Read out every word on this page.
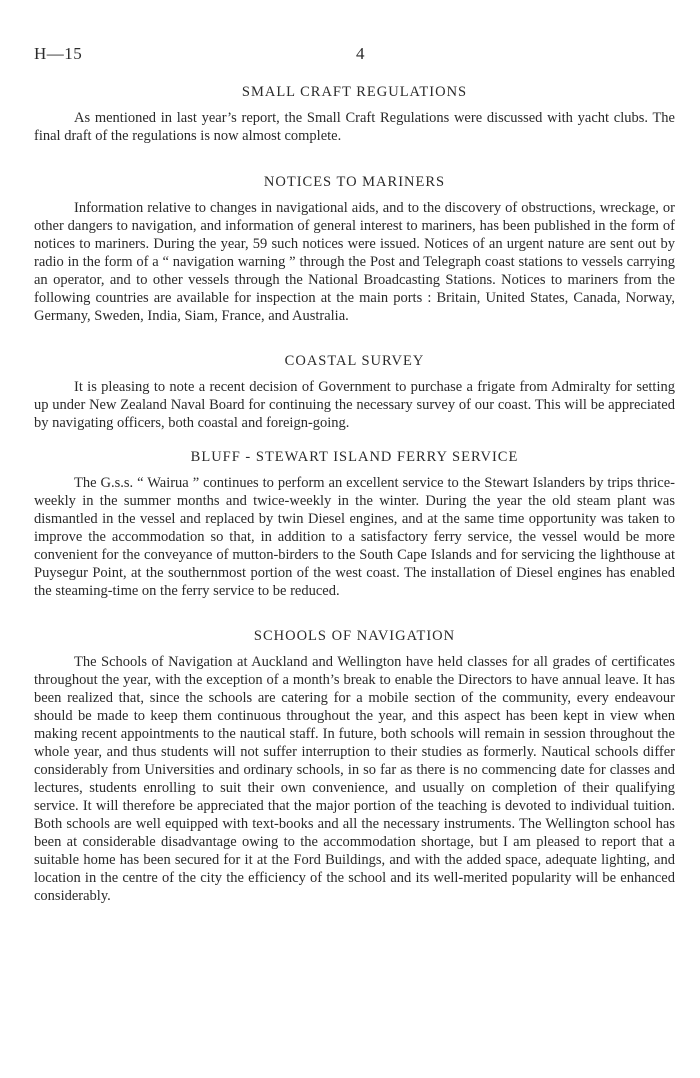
H—15	4
SMALL CRAFT REGULATIONS

As mentioned in last year’s report, the Small Craft Regulations were discussed with yacht clubs. The final draft of the regulations is now almost complete.

NOTICES TO MARINERS

Information relative to changes in navigational aids, and to the discovery of obstructions, wreckage, or other dangers to navigation, and information of general interest to mariners, has been published in the form of notices to mariners. During the year, 59 such notices were issued. Notices of an urgent nature are sent out by radio in the form of a “ navigation warning ” through the Post and Telegraph coast stations to vessels carrying an operator, and to other vessels through the National Broadcasting Stations. Notices to mariners from the following countries are available for inspection at the main ports : Britain, United States, Canada, Norway, Germany, Sweden, India, Siam, France, and Australia.

COASTAL SURVEY

It is pleasing to note a recent decision of Government to purchase a frigate from Admiralty for setting up under New Zealand Naval Board for continuing the necessary survey of our coast. This will be appreciated by navigating officers, both coastal and foreign-going.

BLUFF - STEWART ISLAND FERRY SERVICE

The G.s.s. “ Wairua ” continues to perform an excellent service to the Stewart Islanders by trips thrice-weekly in the summer months and twice-weekly in the winter. During the year the old steam plant was dismantled in the vessel and replaced by twin Diesel engines, and at the same time opportunity was taken to improve the accommodation so that, in addition to a satisfactory ferry service, the vessel would be more convenient for the conveyance of mutton-birders to the South Cape Islands and for servicing the lighthouse at Puysegur Point, at the southernmost portion of the west coast. The installation of Diesel engines has enabled the steaming-time on the ferry service to be reduced.

SCHOOLS OF NAVIGATION

The Schools of Navigation at Auckland and Wellington have held classes for all grades of certificates throughout the year, with the exception of a month’s break to enable the Directors to have annual leave. It has been realized that, since the schools are catering for a mobile section of the community, every endeavour should be made to keep them continuous throughout the year, and this aspect has been kept in view when making recent appointments to the nautical staff. In future, both schools will remain in session throughout the whole year, and thus students will not suffer interruption to their studies as formerly. Nautical schools differ considerably from Universities and ordinary schools, in so far as there is no commencing date for classes and lectures, students enrolling to suit their own convenience, and usually on completion of their qualifying service. It will therefore be appreciated that the major portion of the teaching is devoted to individual tuition. Both schools are well equipped with text-books and all the necessary instruments. The Wellington school has been at considerable disadvantage owing to the accommodation shortage, but I am pleased to report that a suitable home has been secured for it at the Ford Buildings, and with the added space, adequate lighting, and location in the centre of the city the efficiency of the school and its well-merited popularity will be enhanced considerably.
